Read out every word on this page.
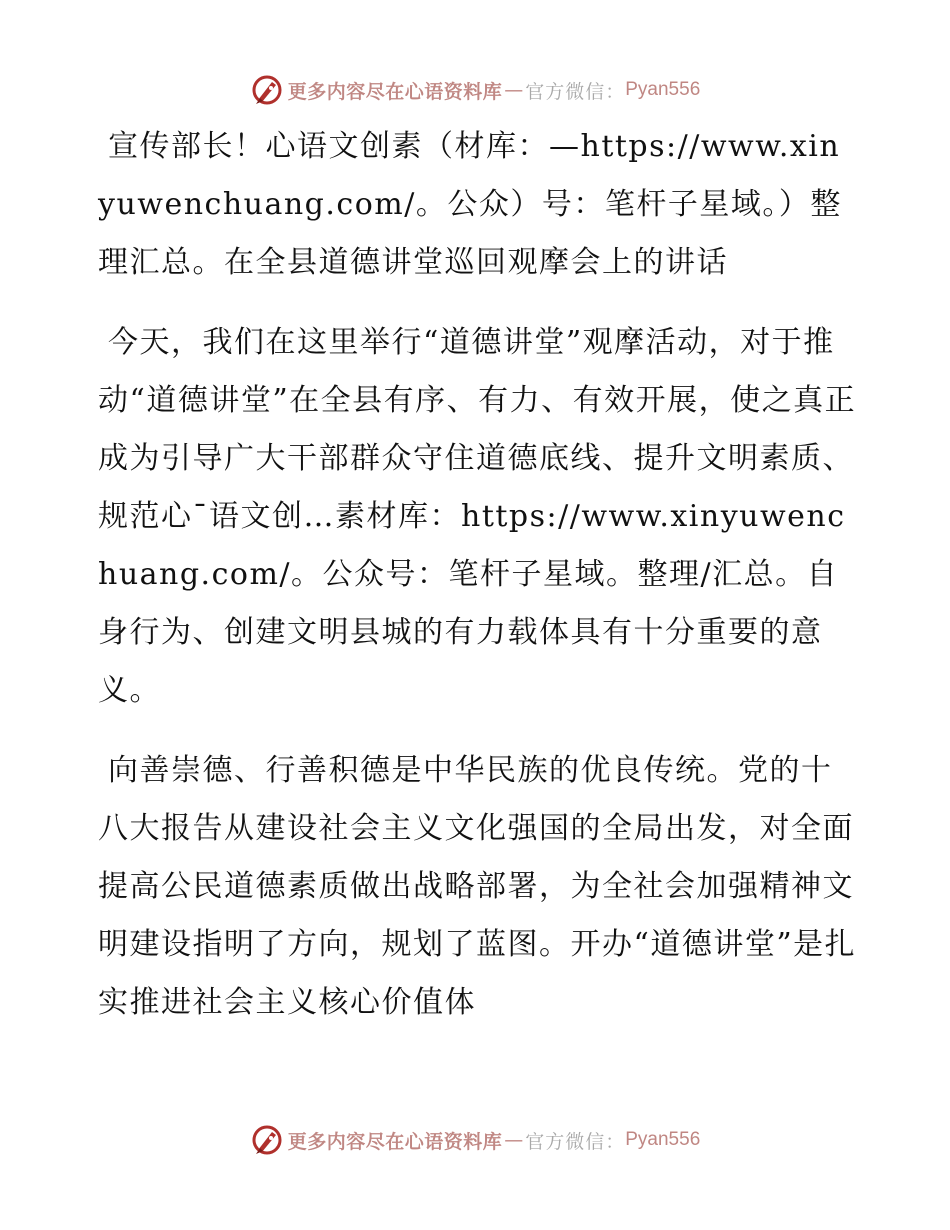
更多内容尽在心语资料库 — 官方微信： Pyan556

宣传部长！心语文创素（材库：—https://www.xinyuwenchuang.com/。公众）号：笔杆子星域。）整理汇总。在全县道德讲堂巡回观摩会上的讲话

今天，我们在这里举行“道德讲堂”观摩活动，对于推动“道德讲堂”在全县有序、有力、有效开展，使之真正成为引导广大干部群众守住道德底线、提升文明素质、规范心¯语文创…素材库：https://www.xinyuwenchuang.com/。公众号：笔杆子星域。整理/汇总。自身行为、创建文明县城的有力载体具有十分重要的意义。

向善崇德、行善积德是中华民族的优良传统。党的十八大报告从建设社会主义文化强国的全局出发，对全面提高公民道德素质做出战略部署，为全社会加强精神文明建设指明了方向，规划了蓝图。开办“道德讲堂”是扎实推进社会主义核心价值体

更多内容尽在心语资料库 — 官方微信： Pyan556
